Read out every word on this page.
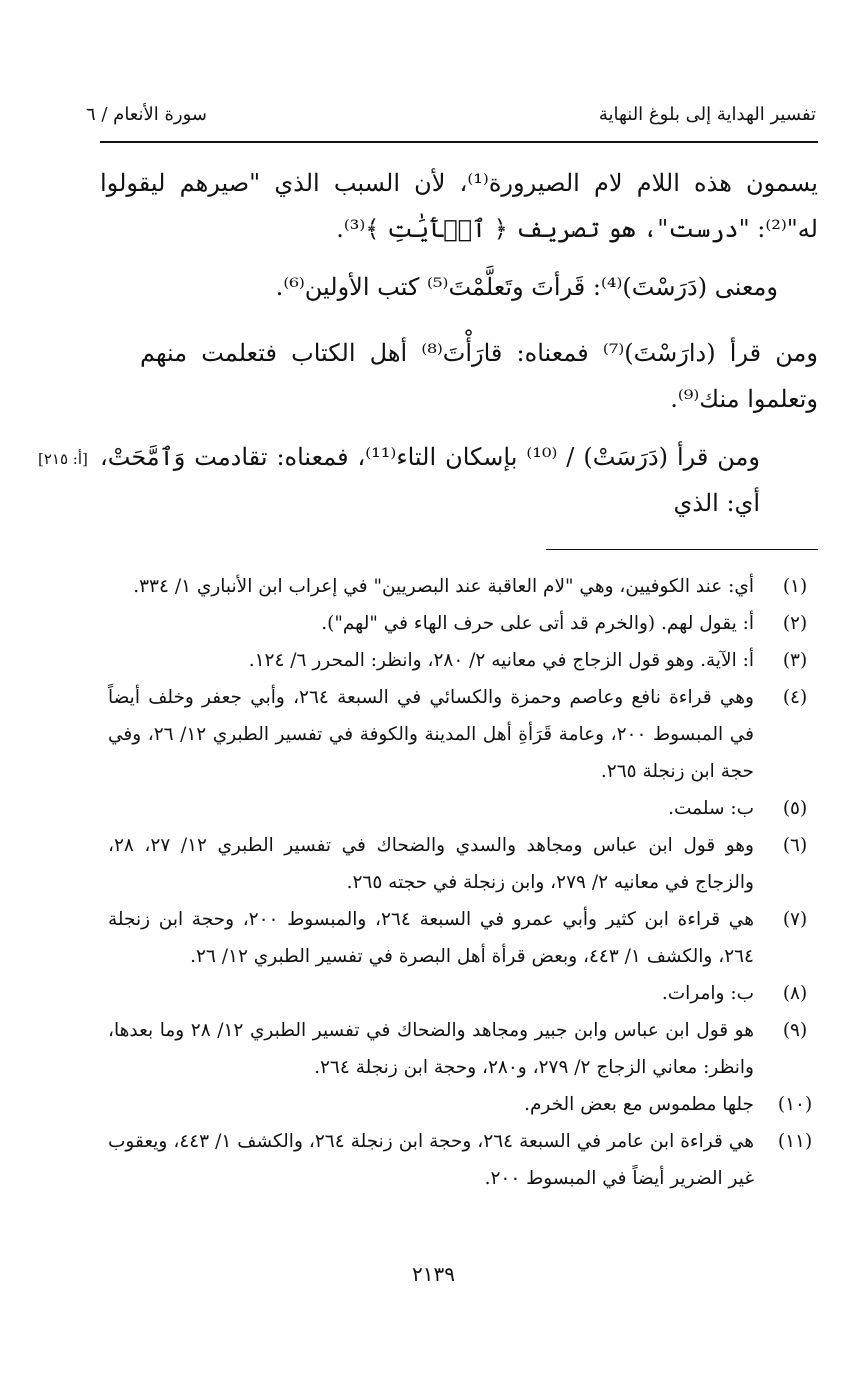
تفسير الهداية إلى بلوغ النهاية
سورة الأنعام / ٦

يسمون هذه اللام لام الصيرورة⁽¹⁾، لأن السبب الذي "صيرهم ليقولوا له"⁽²⁾: "درست"، هو تصريف ﴿ ٱلۡأٓيَٰتِ ﴾⁽³⁾.

ومعنى (دَرَسْتَ)⁽⁴⁾: قَرأتَ وتَعلَّمْتَ⁽⁵⁾ كتب الأولين⁽⁶⁾.

ومن قرأ (دارَسْتَ)⁽⁷⁾ فمعناه: قارَأْتَ⁽⁸⁾ أهل الكتاب فتعلمت منهم وتعلموا منك⁽⁹⁾.

ومن قرأ (دَرَسَتْ) / ⁽¹⁰⁾ بإسكان التاء⁽¹¹⁾، فمعناه: تقادمت وَٱمَّحَتْ، أي: الذي

[أ: ٢١٥]

(١)
أي: عند الكوفيين، وهي "لام العاقبة عند البصريين" في إعراب ابن الأنباري ١/ ٣٣٤.

(٢)
أ: يقول لهم. (والخرم قد أتى على حرف الهاء في "لهم").

(٣)
أ: الآية. وهو قول الزجاج في معانيه ٢/ ٢٨٠، وانظر: المحرر ٦/ ١٢٤.

(٤)
وهي قراءة نافع وعاصم وحمزة والكسائي في السبعة ٢٦٤، وأبي جعفر وخلف أيضاً في المبسوط ٢٠٠، وعامة قَرَأةِ أهل المدينة والكوفة في تفسير الطبري ١٢/ ٢٦، وفي حجة ابن زنجلة ٢٦٥.

(٥)
ب: سلمت.

(٦)
وهو قول ابن عباس ومجاهد والسدي والضحاك في تفسير الطبري ١٢/ ٢٧، ٢٨، والزجاج في معانيه ٢/ ٢٧٩، وابن زنجلة في حجته ٢٦٥.

(٧)
هي قراءة ابن كثير وأبي عمرو في السبعة ٢٦٤، والمبسوط ٢٠٠، وحجة ابن زنجلة ٢٦٤، والكشف ١/ ٤٤٣، وبعض قرأة أهل البصرة في تفسير الطبري ١٢/ ٢٦.

(٨)
ب: وامرات.

(٩)
هو قول ابن عباس وابن جبير ومجاهد والضحاك في تفسير الطبري ١٢/ ٢٨ وما بعدها، وانظر: معاني الزجاج ٢/ ٢٧٩، و٢٨٠، وحجة ابن زنجلة ٢٦٤.

(١٠)
جلها مطموس مع بعض الخرم.

(١١)
هي قراءة ابن عامر في السبعة ٢٦٤، وحجة ابن زنجلة ٢٦٤، والكشف ١/ ٤٤٣، ويعقوب غير الضرير أيضاً في المبسوط ٢٠٠.

٢١٣٩
